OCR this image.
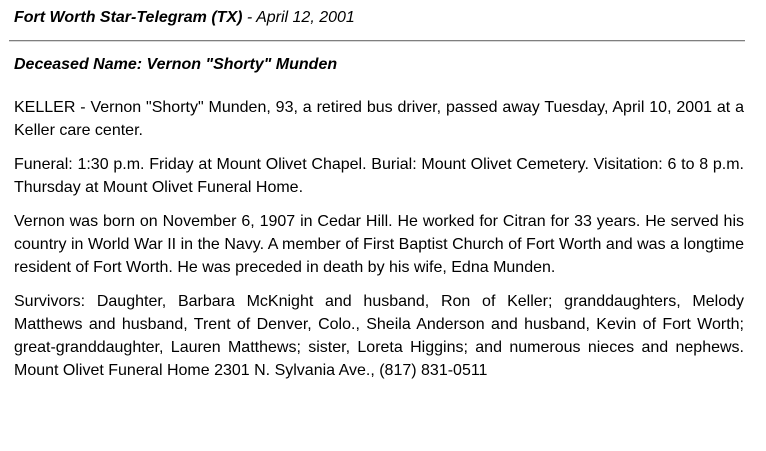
Fort Worth Star-Telegram (TX) - April 12, 2001
Deceased Name: Vernon "Shorty" Munden

KELLER - Vernon "Shorty" Munden, 93, a retired bus driver, passed away Tuesday, April 10, 2001 at a Keller care center.

Funeral: 1:30 p.m. Friday at Mount Olivet Chapel. Burial: Mount Olivet Cemetery. Visitation: 6 to 8 p.m. Thursday at Mount Olivet Funeral Home.

Vernon was born on November 6, 1907 in Cedar Hill. He worked for Citran for 33 years. He served his country in World War II in the Navy. A member of First Baptist Church of Fort Worth and was a longtime resident of Fort Worth. He was preceded in death by his wife, Edna Munden.

Survivors: Daughter, Barbara McKnight and husband, Ron of Keller; granddaughters, Melody Matthews and husband, Trent of Denver, Colo., Sheila Anderson and husband, Kevin of Fort Worth; great-granddaughter, Lauren Matthews; sister, Loreta Higgins; and numerous nieces and nephews. Mount Olivet Funeral Home 2301 N. Sylvania Ave., (817) 831-0511
